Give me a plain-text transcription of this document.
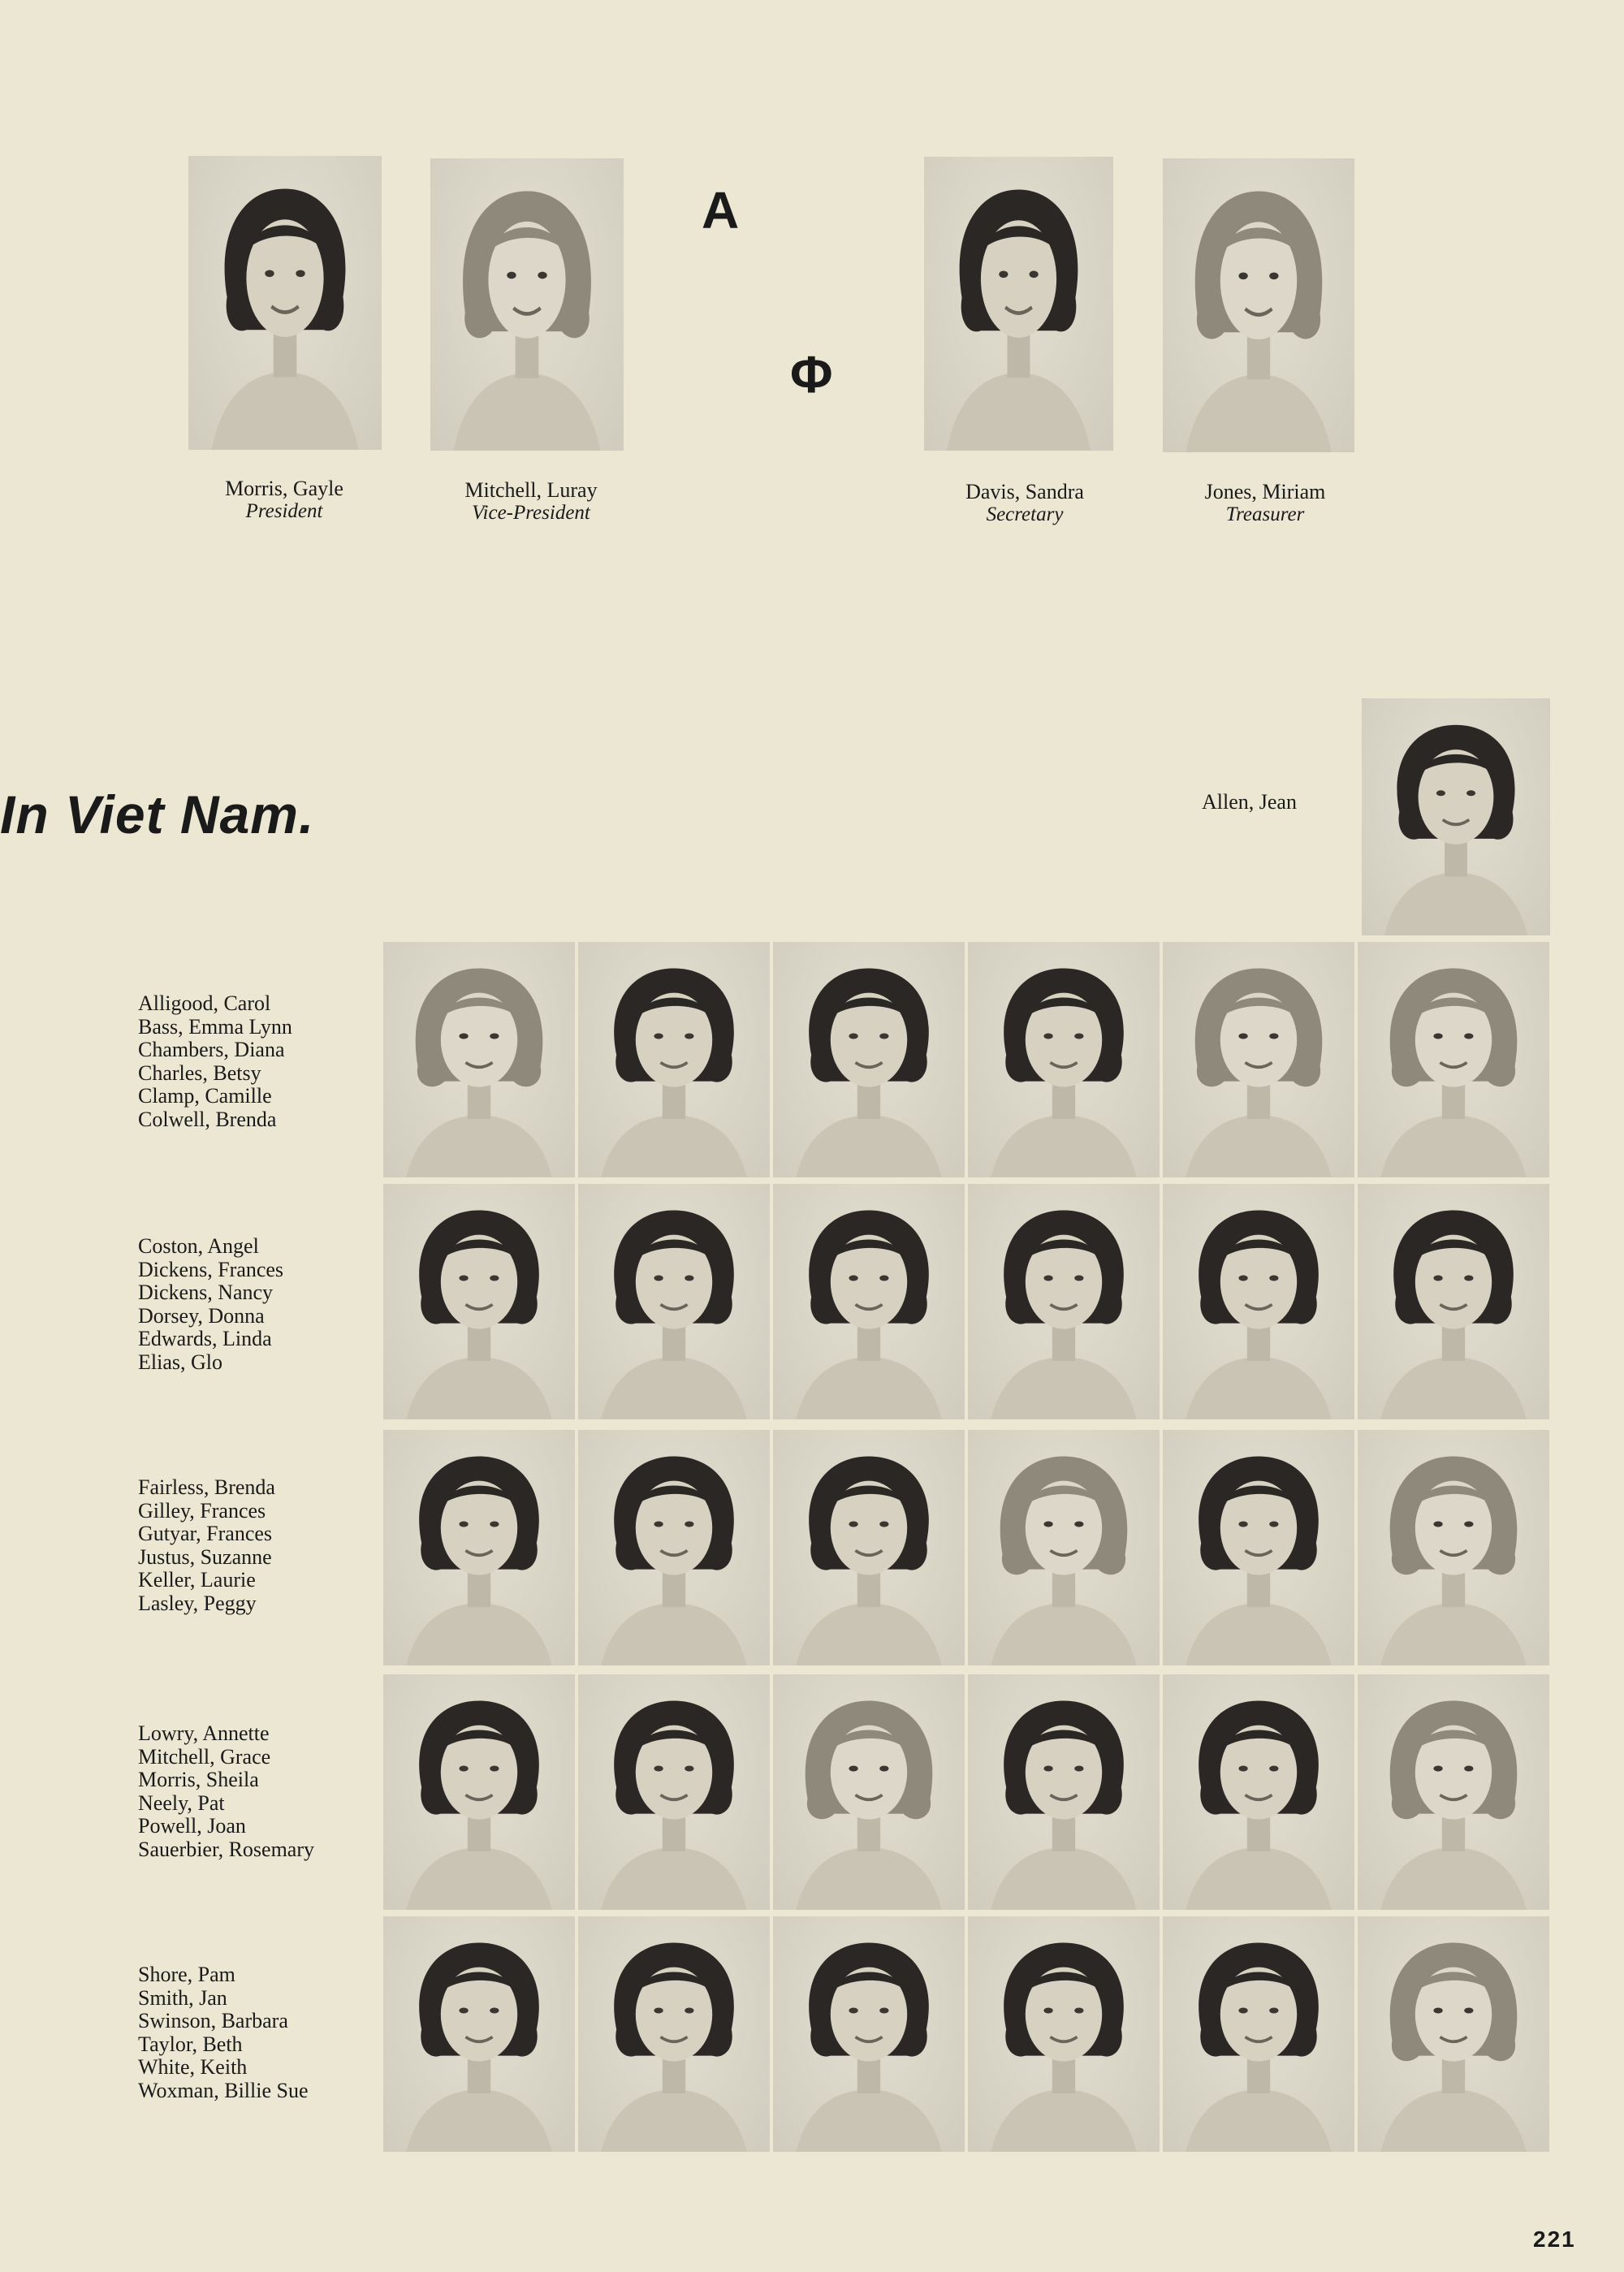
A
Φ
Morris, Gayle
President
Mitchell, Luray
Vice-President
Davis, Sandra
Secretary
Jones, Miriam
Treasurer
In Viet Nam.	Allen, Jean
Alligood, Carol
Bass, Emma Lynn
Chambers, Diana
Charles, Betsy
Clamp, Camille
Colwell, Brenda
Coston, Angel
Dickens, Frances
Dickens, Nancy
Dorsey, Donna
Edwards, Linda
Elias, Glo
Fairless, Brenda
Gilley, Frances
Gutyar, Frances
Justus, Suzanne
Keller, Laurie
Lasley, Peggy
Lowry, Annette
Mitchell, Grace
Morris, Sheila
Neely, Pat
Powell, Joan
Sauerbier, Rosemary
Shore, Pam
Smith, Jan
Swinson, Barbara
Taylor, Beth
White, Keith
Woxman, Billie Sue
221
